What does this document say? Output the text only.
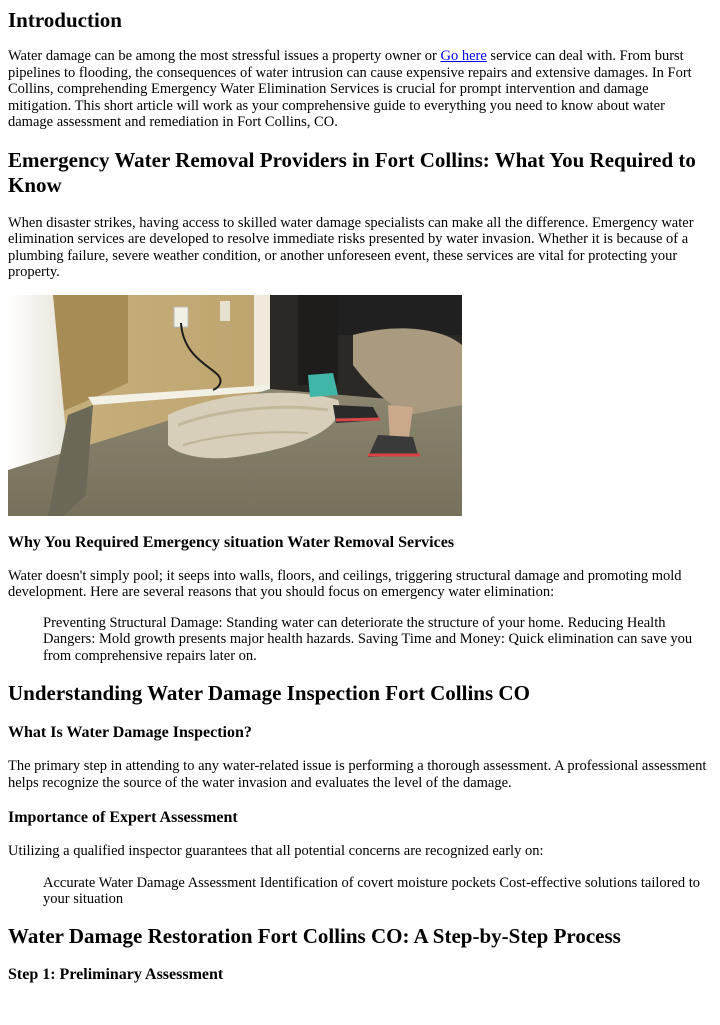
Introduction

Water damage can be among the most stressful issues a property owner or Go here service can deal with. From burst pipelines to flooding, the consequences of water intrusion can cause expensive repairs and extensive damages. In Fort Collins, comprehending Emergency Water Elimination Services is crucial for prompt intervention and damage mitigation. This short article will work as your comprehensive guide to everything you need to know about water damage assessment and remediation in Fort Collins, CO.

Emergency Water Removal Providers in Fort Collins: What You Required to Know

When disaster strikes, having access to skilled water damage specialists can make all the difference. Emergency water elimination services are developed to resolve immediate risks presented by water invasion. Whether it is because of a plumbing failure, severe weather condition, or another unforeseen event, these services are vital for protecting your property.

Why You Required Emergency situation Water Removal Services

Water doesn't simply pool; it seeps into walls, floors, and ceilings, triggering structural damage and promoting mold development. Here are several reasons that you should focus on emergency water elimination:

Preventing Structural Damage: Standing water can deteriorate the structure of your home. Reducing Health Dangers: Mold growth presents major health hazards. Saving Time and Money: Quick elimination can save you from comprehensive repairs later on.

Understanding Water Damage Inspection Fort Collins CO
What Is Water Damage Inspection?

The primary step in attending to any water-related issue is performing a thorough assessment. A professional assessment helps recognize the source of the water invasion and evaluates the level of the damage.

Importance of Expert Assessment

Utilizing a qualified inspector guarantees that all potential concerns are recognized early on:

Accurate Water Damage Assessment Identification of covert moisture pockets Cost-effective solutions tailored to your situation

Water Damage Restoration Fort Collins CO: A Step-by-Step Process
Step 1: Preliminary Assessment
